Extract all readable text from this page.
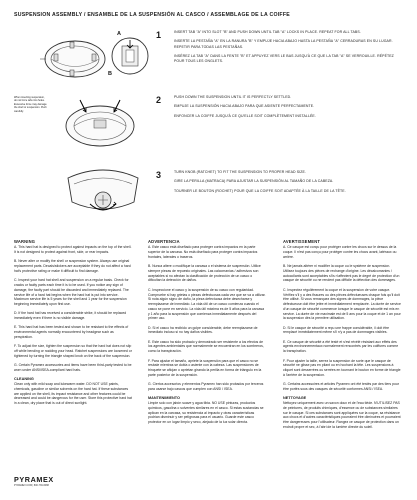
SUSPENSION ASSEMBLY / ENSAMBLE DE LA SUSPENSIÓN AL CASCO / ASSEMBLAGE DE LA COIFFE
B
A	1	INSERT TAB "A" INTO SLOT "B" AND PUSH DOWN UNTIL TAB "A" LOCKS IN PLACE. REPEAT FOR ALL TABS.

INSERTE LA PESTAÑA "A" EN LA RANURA "B" Y EMPUJE HACIA ABAJO HASTA LA PESTAÑA "A" CERRADURAS EN SU LUGAR. REPETIR PARA TODAS LAS PESTAÑAS.

INSÉREZ LA TAB "A" DANS LA FENTE "B" ET APPUYEZ VERS LE BAS JUSQU'À CE QUE LA TAB "A" SE VERROUILLE. RÉPÉTEZ POUR TOUS LES ONGLETS.

When inserting suspension, do not force tabs into holes. Excessive force may damage the shell or suspension. Push carefully.
2	PUSH DOWN THE SUSPENSION UNTIL IT IS PERFECTLY SETTLED.

EMPUJE LA SUSPENSIÓN HACIA ABAJO PARA QUE ASIENTE PERFECTAMENTE.

ENFONCER LA COIFFE JUSQU'À CE QU'ELLE SOIT COMPLÈTEMENT INSTALLÉE.

3	TURN KNOB (RATCHET) TO FIT THE SUSPENSION TO PROPER HEAD SIZE.

GIRE LA PERILLA (MATRACA) PARA AJUSTAR LA SUSPENSIÓN AL TAMAÑO DE LA CABEZA.

TOURNER LE BOUTON (ROCHET) POUR QUE LA COIFFE SOIT ADAPTÉE À LA TAILLE DE LA TÊTE.

WARNING

A. This hard hat is designed to protect against impacts on the top of the shell. It is not designed to protect against front, side, or rear impacts.

B. Never alter or modify the shell or suspension system. Always use original replacement parts. Decals/stickers are acceptable if they do not affect a hard hat's protective rating or make it difficult to find damage.

C. Inspect your hard hat shell and suspension on a regular basis. Check for cracks or faulty parts each time it is to be used. If you notice any sign of damage, the faulty part should be discarded and immediately replaced. The service life of a hard hat begins when the hard hat is put into service. Maximum service life is 5 years for the shell and 1 year for the suspension beginning immediately upon first use.

D. If the hard hat has received a considerable strike, it should be replaced immediately even if there is no visible damage.

E. This hard hat has been tested and shown to be resistant to the effects of environmental agents normally encountered by headgear such as perspiration.

F. To adjust the size, tighten the suspension so that the hard hat does not slip off while bending or nodding your head. Ratchet suspensions are loosened or tightened by turning the triangle shaped knob on the back of the suspension.

G. Certain Pyramex accessories and items have been third-party tested to be worn under ANSI/ISEA-compliant hard hats.

CLEANING

Clean only with mild soap and lukewarm water. DO NOT USE paints, chemicals, gasoline or similar solvents on the hard hat. If these substances are applied on the shell, its impact resistance and other features could be decreased and could be dangerous for the user. Store this protective hard hat in a clean, dry place that is out of direct sunlight.

ADVERTENCIA

A. Este casco está diseñado para proteger contra impactos en la parte superior de la carcasa. No está diseñado para proteger contra impactos frontales, laterales o traseros.

B. Nunca altere o modifique la carcasa o el sistema de suspensión. Utilice siempre piezas de repuesto originales. Las calcomanías / adhesivos son aceptables si no afectan la clasificación de protección de un casco o dificultan la detección de daños.

C. Inspeccione el casco y la suspensión de su casco con regularidad. Compruebe si hay grietas o piezas defectuosas cada vez que se va a utilizar. Si nota algún signo de daño, la pieza defectuosa debe desecharse y reemplazarse de inmediato. La vida útil de un casco comienza cuando el casco se pone en servicio. La vida útil máxima es de 5 años para la carcasa y 1 año para la suspensión que comienza inmediatamente después del primer uso.

D. Si el casco ha recibido un golpe considerable, debe reemplazarse de inmediato incluso si no hay daños visibles.

E. Este casco ha sido probado y demostrado ser resistente a los efectos de los agentes ambientales que normalmente se encuentran en los sombreros, como la transpiración.

F. Para ajustar el tamaño, apriete la suspensión para que el casco no se resbale mientras se dobla o asiente con la cabeza. Las suspensiones de trinquete se aflojan o aprietan girando la perilla en forma de triángulo en la parte posterior de la suspensión.

G. Ciertos accesorios y elementos Pyramex han sido probados por terceros para usarse bajo cascos que cumplen con ANSI / ISEA.

MANTENIMIENTO

Limpie solo con jabón suave y agua tibia. NO USE pinturas, productos químicos, gasolina o solventes similares en el casco. Si estas sustancias se aplican en la carcasa, su resistencia al impacto y otras características podrían disminuir y ser peligrosas para el usuario. Guarde este casco protector en un lugar limpio y seco, alejado de la luz solar directa.

AVERTISSEMENT

A. Ce casque est conçu pour protéger contre les chocs sur le dessus de la coque. Il n'est pas conçu pour protéger contre les chocs avant, latéraux ou arrière.

B. Ne jamais altérer ni modifier la coque ou le système de suspension. Utilisez toujours des pièces de rechange d'origine. Les décalcomanies / autocollants sont acceptables s'ils n'affectent pas le degré de protection d'un casque de sécurité ou ne rendent pas difficile la détection des dommages.

C. Inspectez régulièrement la coque et la suspension de votre casque. Vérifiez s'il y a des fissures ou des pièces défectueuses chaque fois qu'il doit être utilisé. Si vous remarquez des signes de dommages, la pièce défectueuse doit être jetée et immédiatement remplacée. La durée de service d'un casque de sécurité commence lorsque le casque de sécurité est mis en service. La durée de vie maximale est de 5 ans pour la coque et de 1 an pour la suspension dès la première utilisation.

D. Si le casque de sécurité a reçu une frappe considérable, il doit être remplacé immédiatement même s'il n'y a pas de dommages visibles.

E. Ce casque de sécurité a été testé et s'est révélé résistant aux effets des agents environnementaux normalement rencontrés par les coiffures comme la transpiration.

F. Pour ajuster la taille, serrez la suspension de sorte que le casque de sécurité ne glisse pas en pliant ou en hochant la tête. Les suspensions à cliquet sont desserrées ou serrées en tournant le bouton en forme de triangle à l'arrière de la suspension.

G. Certains accessoires et articles Pyramex ont été testés par des tiers pour être portés sous des casques de sécurité conformes ANSI / ISEA.

NETTOYAGE

Nettoyez uniquement avec un savon doux et de l'eau tiède. N'UTILISEZ PAS de peintures, de produits chimiques, d'essence ou de substances similaires sur le casque. Si ces substances sont appliquées sur la coque, sa résistance aux chocs et d'autres caractéristiques pourraient être diminuées et pourraient être dangereuses pour l'utilisateur. Rangez ce casque de protection dans un endroit propre et sec, à l'abri de la lumière directe du soleil.

PYRAMEX
PYRAMEX.COM | 800-736-6088
